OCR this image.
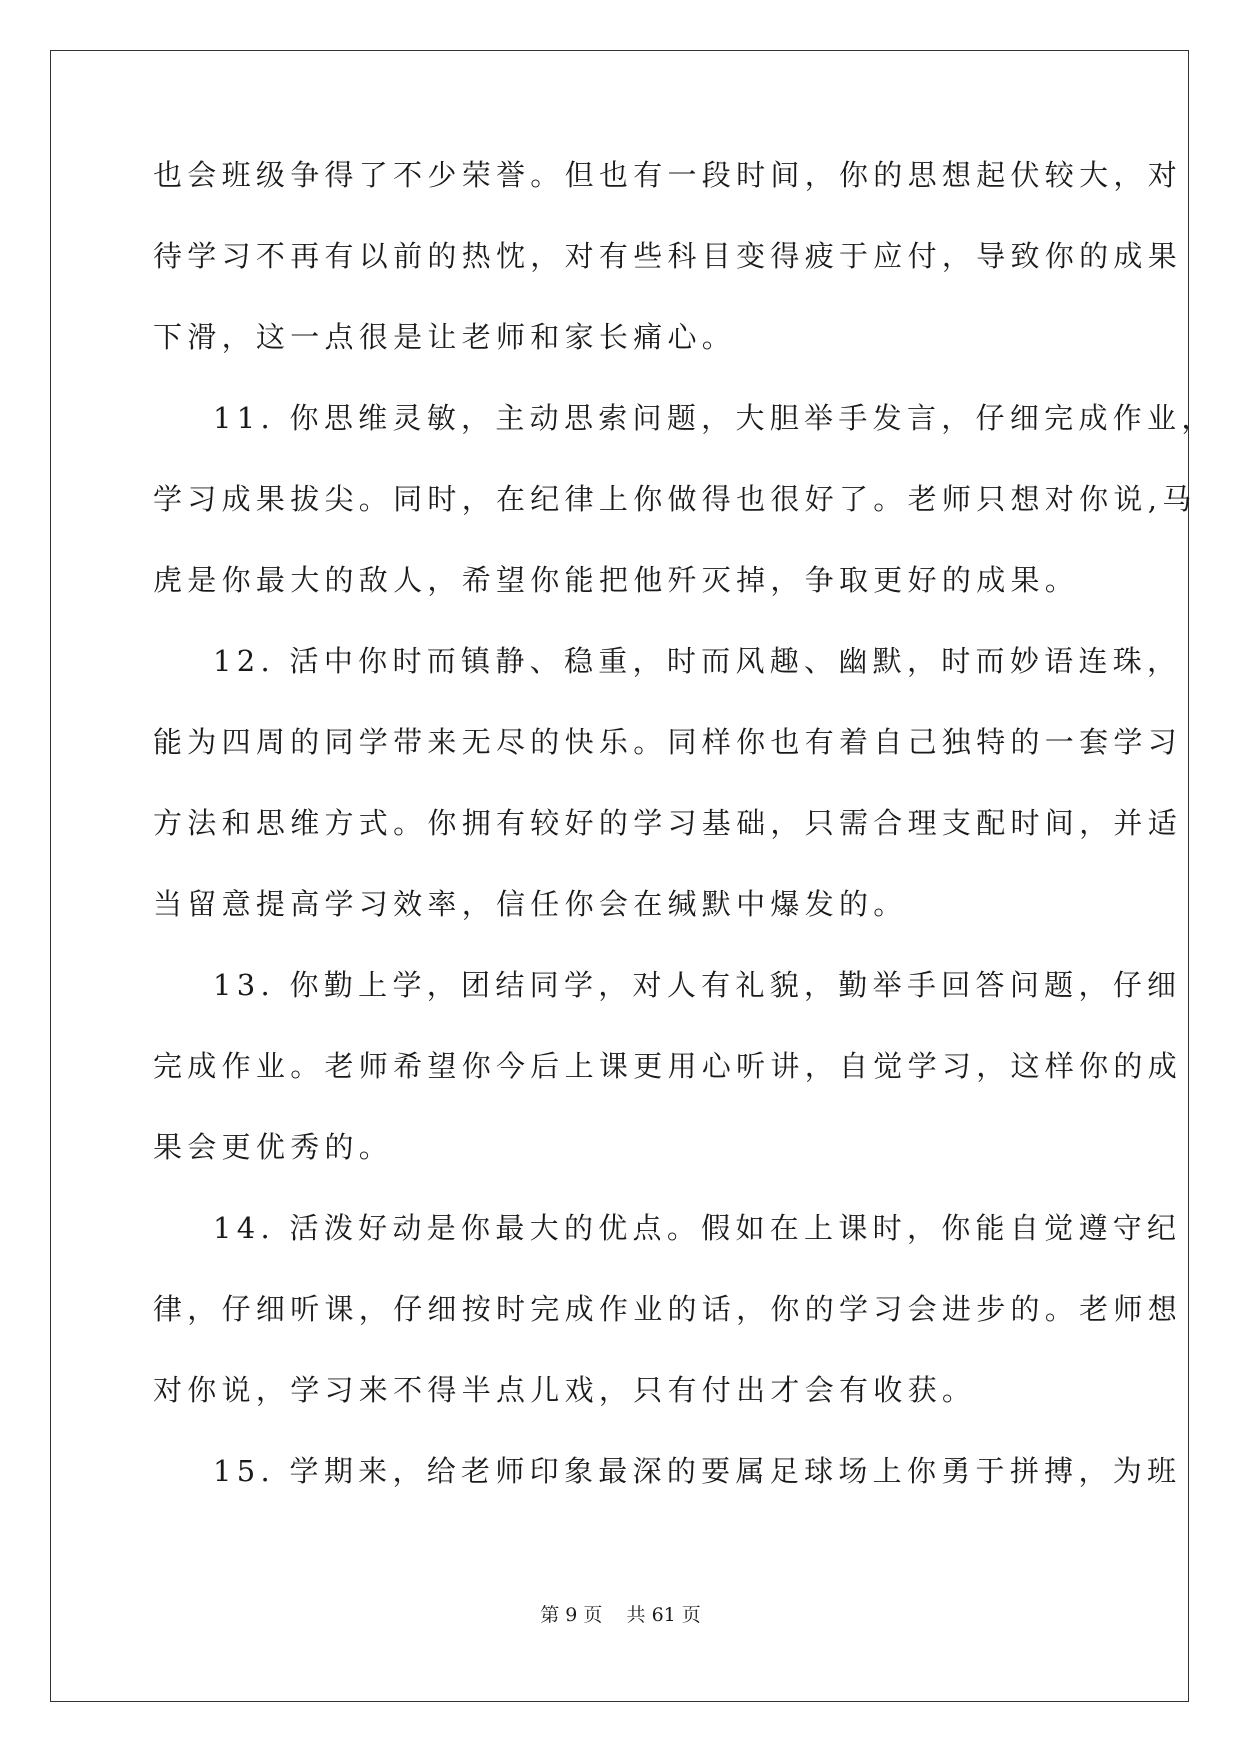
也会班级争得了不少荣誉。但也有一段时间，你的思想起伏较大，对
待学习不再有以前的热忱，对有些科目变得疲于应付，导致你的成果
下滑，这一点很是让老师和家长痛心。
11. 你思维灵敏，主动思索问题，大胆举手发言，仔细完成作业，
学习成果拔尖。同时，在纪律上你做得也很好了。老师只想对你说,马
虎是你最大的敌人，希望你能把他歼灭掉，争取更好的成果。
12. 活中你时而镇静、稳重，时而风趣、幽默，时而妙语连珠，
能为四周的同学带来无尽的快乐。同样你也有着自己独特的一套学习
方法和思维方式。你拥有较好的学习基础，只需合理支配时间，并适
当留意提高学习效率，信任你会在缄默中爆发的。
13. 你勤上学，团结同学，对人有礼貌，勤举手回答问题，仔细
完成作业。老师希望你今后上课更用心听讲，自觉学习，这样你的成
果会更优秀的。
14. 活泼好动是你最大的优点。假如在上课时，你能自觉遵守纪
律，仔细听课，仔细按时完成作业的话，你的学习会进步的。老师想
对你说，学习来不得半点儿戏，只有付出才会有收获。
15. 学期来，给老师印象最深的要属足球场上你勇于拼搏，为班
第 9 页 共 61 页
